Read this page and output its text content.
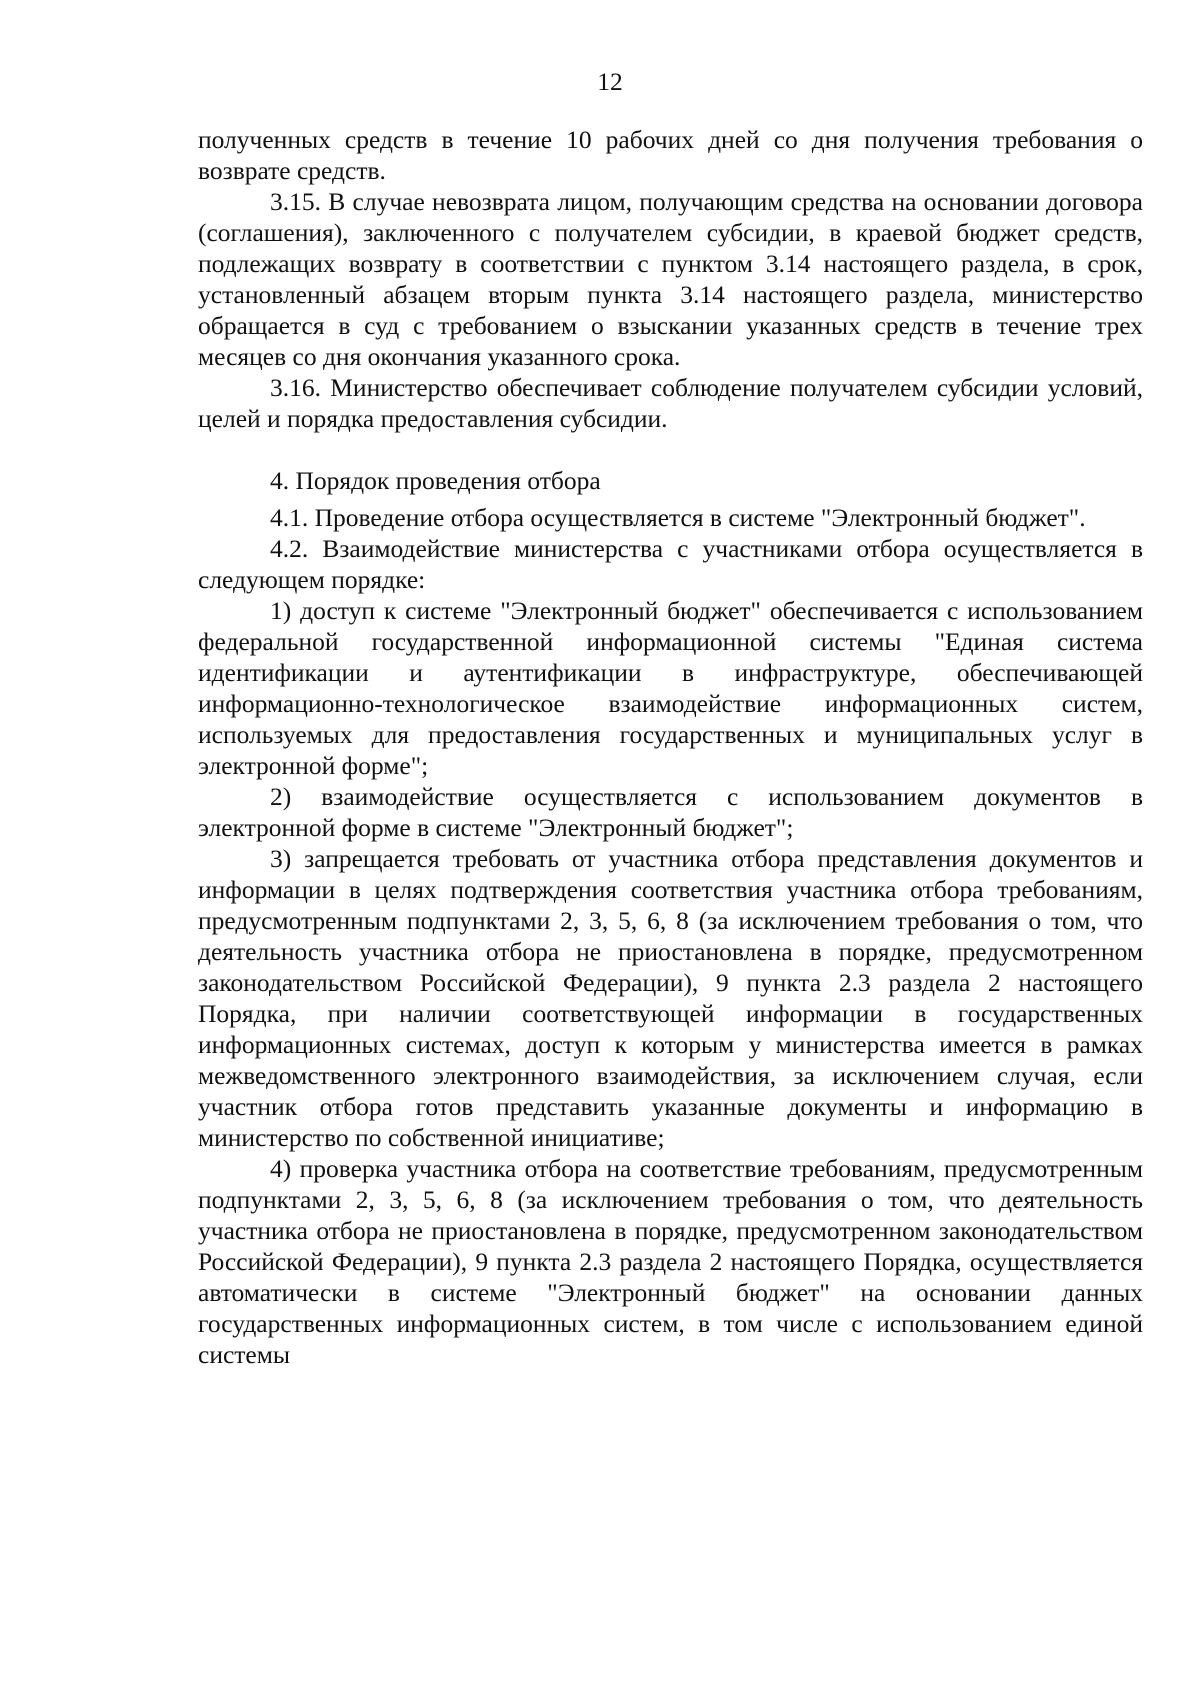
12

полученных средств в течение 10 рабочих дней со дня получения требования о возврате средств.

3.15. В случае невозврата лицом, получающим средства на основании договора (соглашения), заключенного с получателем субсидии, в краевой бюджет средств, подлежащих возврату в соответствии с пунктом 3.14 настоящего раздела, в срок, установленный абзацем вторым пункта 3.14 настоящего раздела, министерство обращается в суд с требованием о взыскании указанных средств в течение трех месяцев со дня окончания указанного срока.

3.16. Министерство обеспечивает соблюдение получателем субсидии условий, целей и порядка предоставления субсидии.

4. Порядок проведения отбора

4.1. Проведение отбора осуществляется в системе "Электронный бюджет".

4.2. Взаимодействие министерства с участниками отбора осуществляется в следующем порядке:

1) доступ к системе "Электронный бюджет" обеспечивается с использованием федеральной государственной информационной системы "Единая система идентификации и аутентификации в инфраструктуре, обеспечивающей информационно-технологическое взаимодействие информационных систем, используемых для предоставления государственных и муниципальных услуг в электронной форме";

2) взаимодействие осуществляется с использованием документов в электронной форме в системе "Электронный бюджет";

3) запрещается требовать от участника отбора представления документов и информации в целях подтверждения соответствия участника отбора требованиям, предусмотренным подпунктами 2, 3, 5, 6, 8 (за исключением требования о том, что деятельность участника отбора не приостановлена в порядке, предусмотренном законодательством Российской Федерации), 9 пункта 2.3 раздела 2 настоящего Порядка, при наличии соответствующей информации в государственных информационных системах, доступ к которым у министерства имеется в рамках межведомственного электронного взаимодействия, за исключением случая, если участник отбора готов представить указанные документы и информацию в министерство по собственной инициативе;

4) проверка участника отбора на соответствие требованиям, предусмотренным подпунктами 2, 3, 5, 6, 8 (за исключением требования о том, что деятельность участника отбора не приостановлена в порядке, предусмотренном законодательством Российской Федерации), 9 пункта 2.3 раздела 2 настоящего Порядка, осуществляется автоматически в системе "Электронный бюджет" на основании данных государственных информационных систем, в том числе с использованием единой системы
